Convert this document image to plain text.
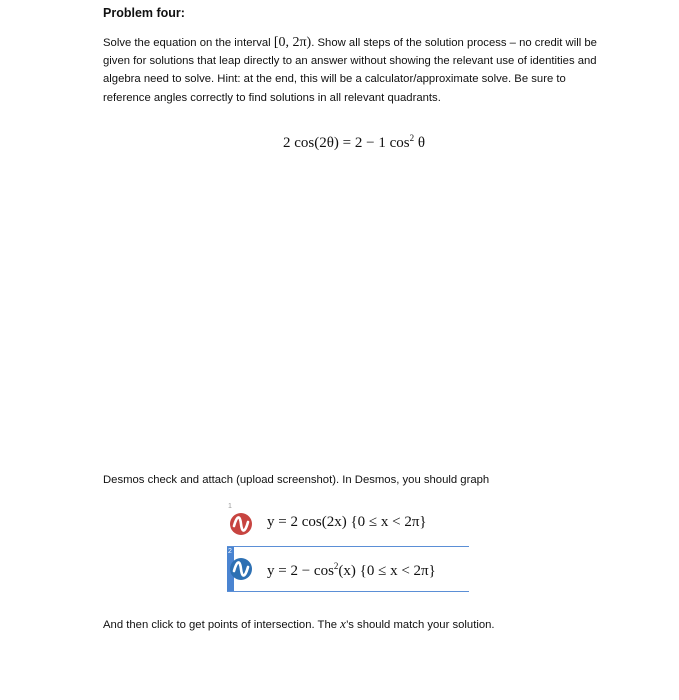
Problem four:
Solve the equation on the interval [0, 2π). Show all steps of the solution process – no credit will be given for solutions that leap directly to an answer without showing the relevant use of identities and algebra need to solve. Hint: at the end, this will be a calculator/approximate solve. Be sure to reference angles correctly to find solutions in all relevant quadrants.
2 cos(2θ) = 2 − 1 $\cos^2 \theta$
Desmos check and attach (upload screenshot). In Desmos, you should graph
1
y = 2 cos(2x) {0 ≤ x < 2π}
2
$y = 2 - \cos^2(x) \{0 \le x < 2\pi\}$
And then click to get points of intersection. The x’s should match your solution.
